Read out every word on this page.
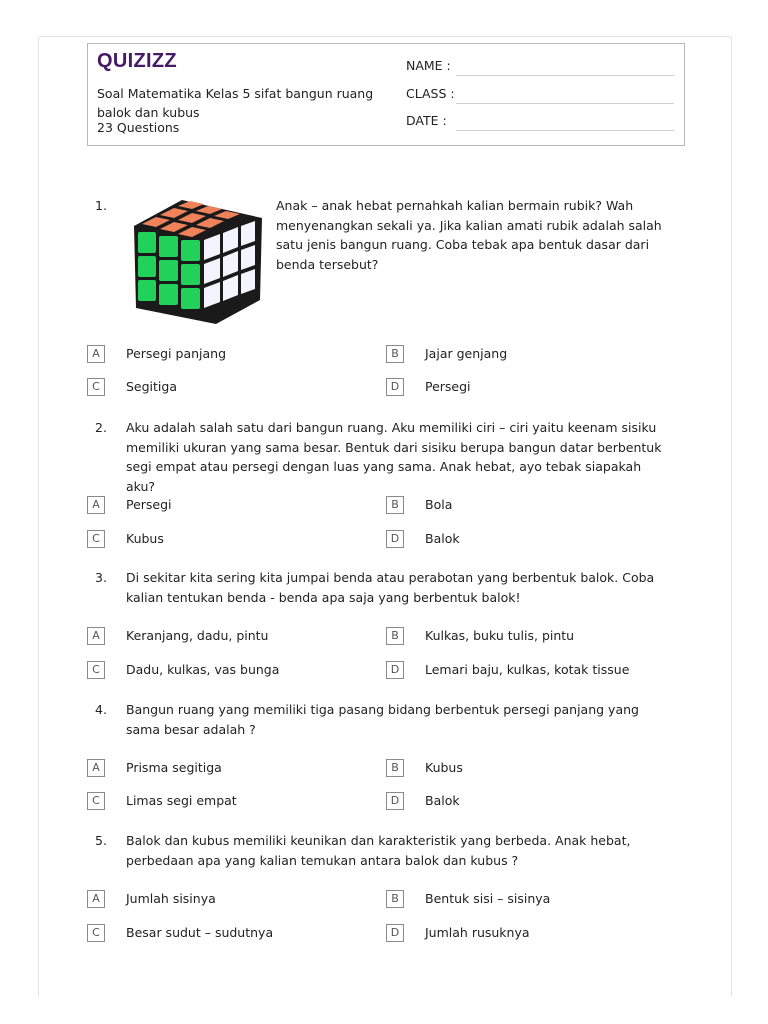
QUIZIZZ
Soal Matematika Kelas 5 sifat bangun ruang balok dan kubus
23 Questions
NAME :
CLASS :
DATE :
1.	Anak – anak hebat pernahkah kalian bermain rubik? Wah menyenangkan sekali ya. Jika kalian amati rubik adalah salah satu jenis bangun ruang. Coba tebak apa bentuk dasar dari benda tersebut?
A	Persegi panjang	B	Jajar genjang
C	Segitiga	D	Persegi
2. Aku adalah salah satu dari bangun ruang. Aku memiliki ciri – ciri yaitu keenam sisiku memiliki ukuran yang sama besar. Bentuk dari sisiku berupa bangun datar berbentuk segi empat atau persegi dengan luas yang sama. Anak hebat, ayo tebak siapakah aku?
A	Persegi	B	Bola
C	Kubus	D	Balok
3. Di sekitar kita sering kita jumpai benda atau perabotan yang berbentuk balok. Coba kalian tentukan benda - benda apa saja yang berbentuk balok!
A	Keranjang, dadu, pintu	B	Kulkas, buku tulis, pintu
C	Dadu, kulkas, vas bunga	D	Lemari baju, kulkas, kotak tissue
4. Bangun ruang yang memiliki tiga pasang bidang berbentuk persegi panjang yang sama besar adalah ?
A	Prisma segitiga	B	Kubus
C	Limas segi empat	D	Balok
5. Balok dan kubus memiliki keunikan dan karakteristik yang berbeda. Anak hebat, perbedaan apa yang kalian temukan antara balok dan kubus ?
A	Jumlah sisinya	B	Bentuk sisi – sisinya
C	Besar sudut – sudutnya	D	Jumlah rusuknya
